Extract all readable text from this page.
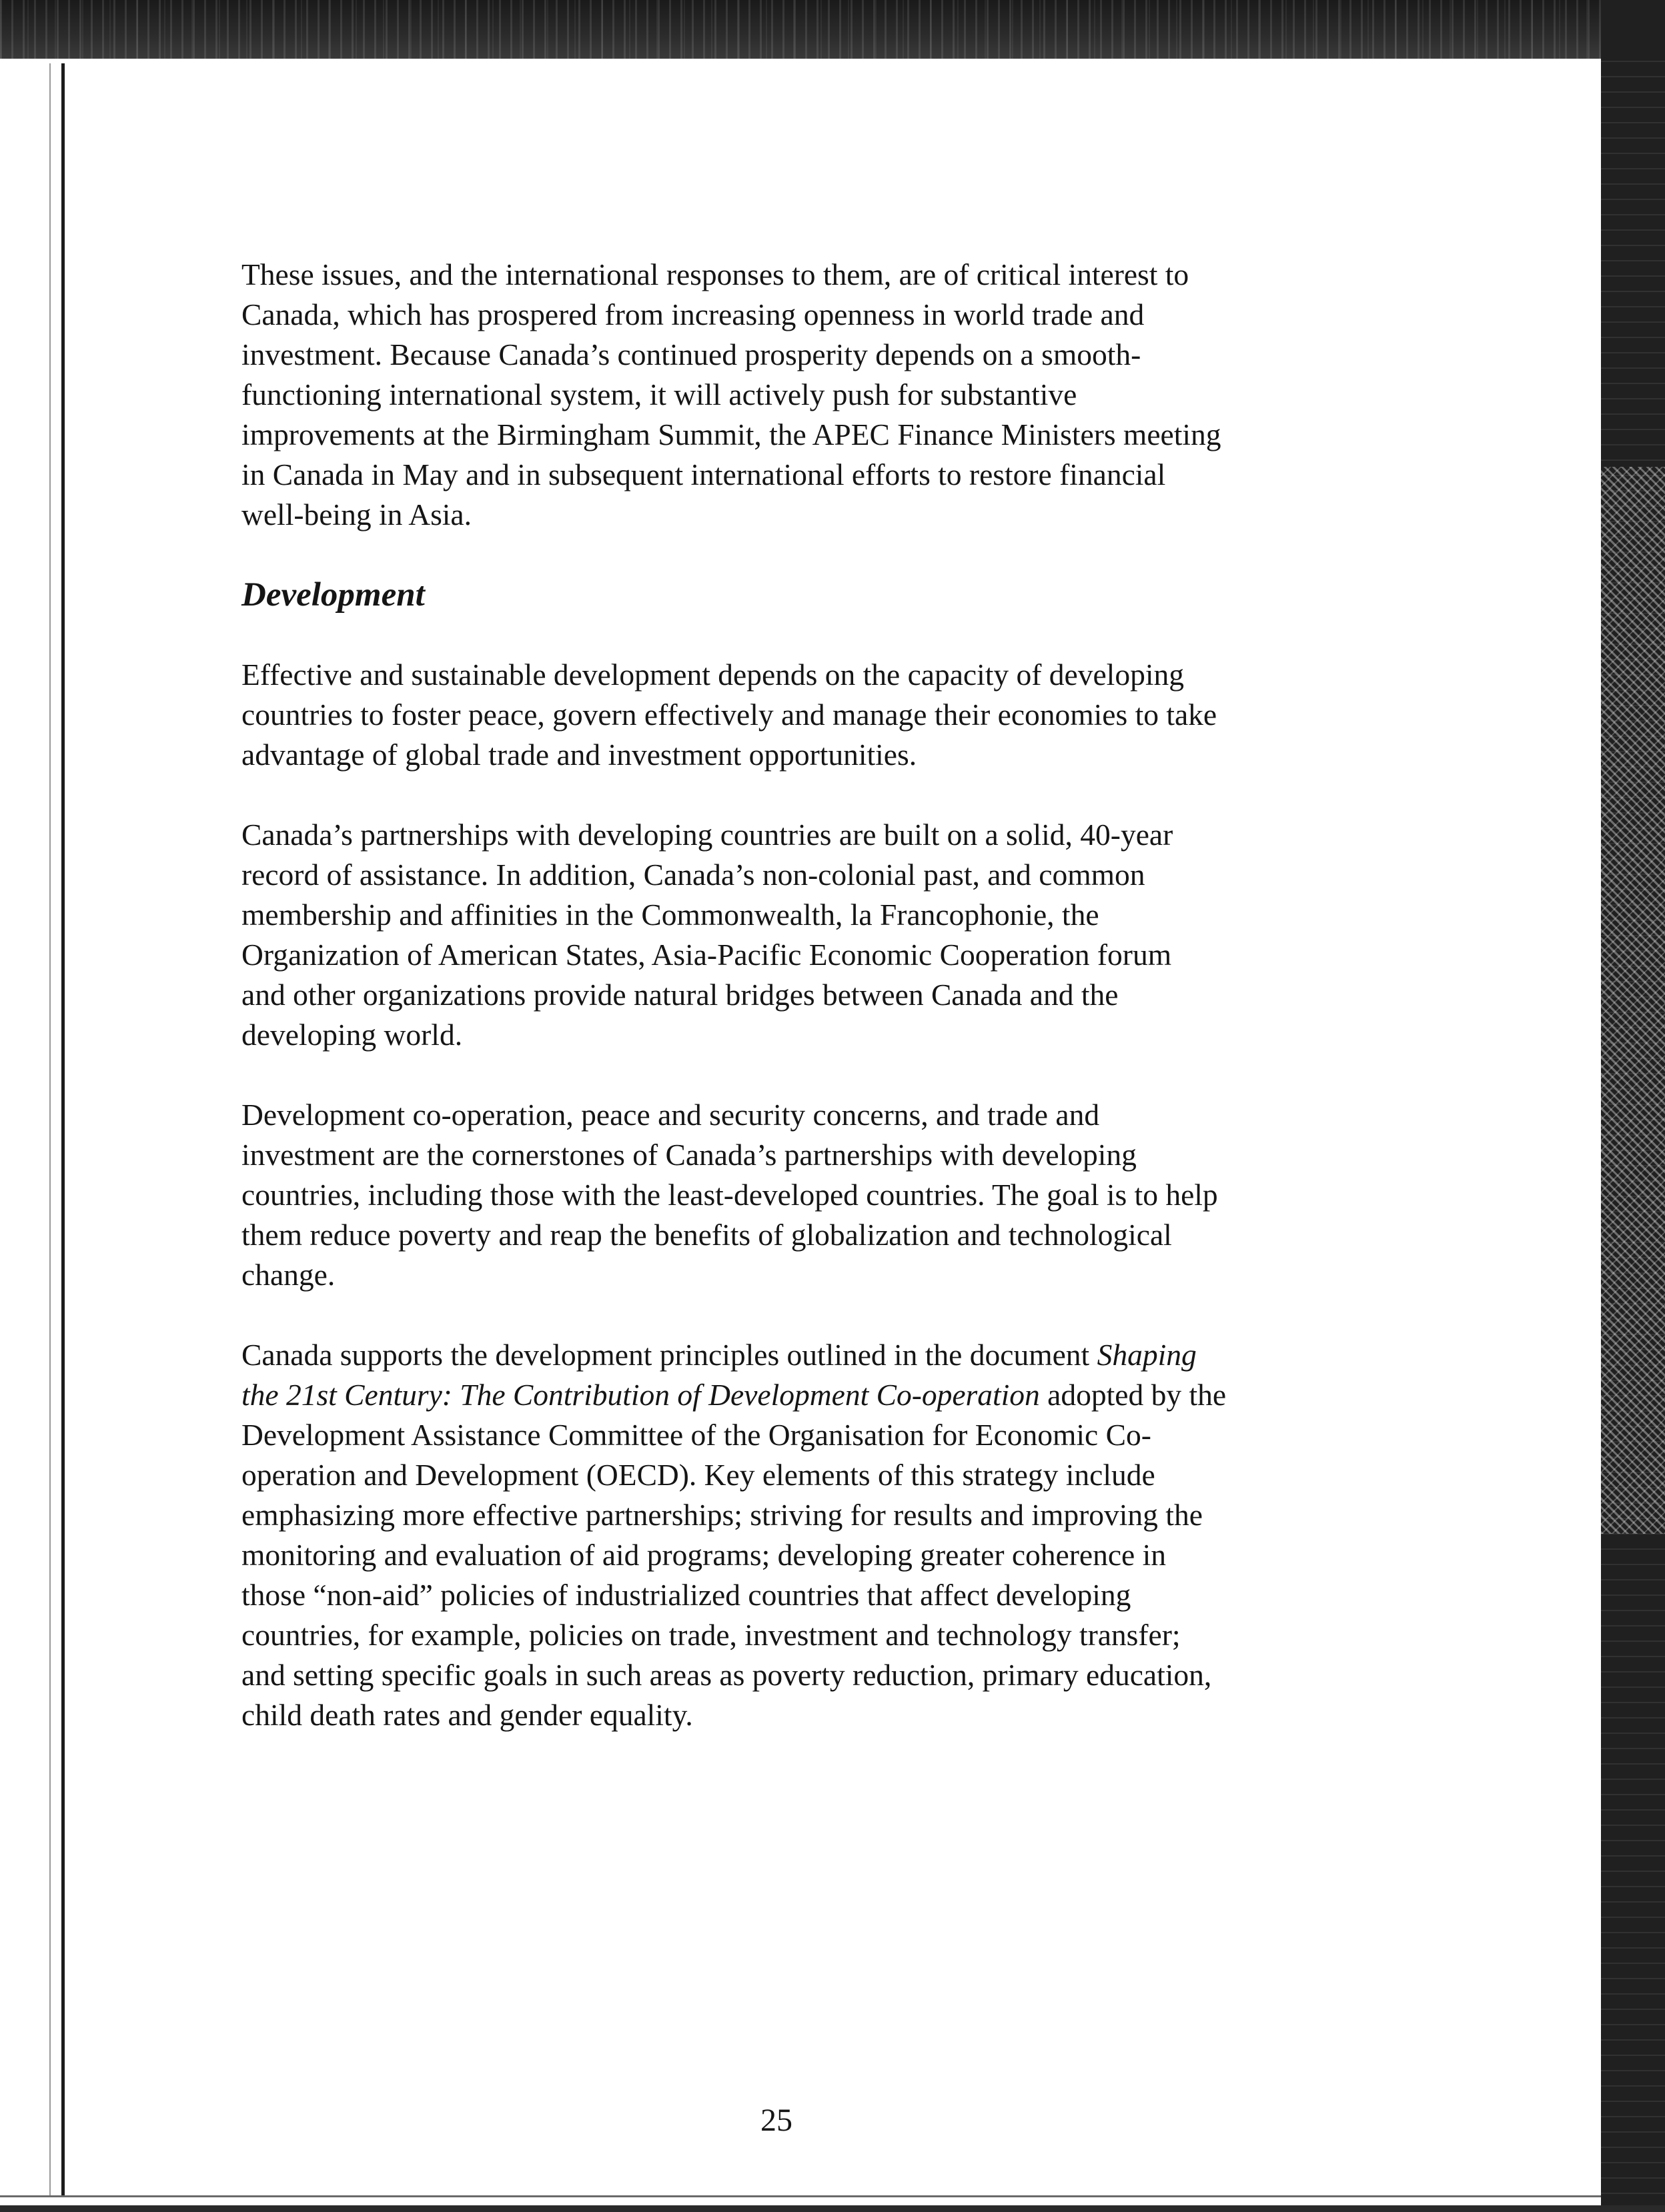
These issues, and the international responses to them, are of critical interest to
Canada, which has prospered from increasing openness in world trade and
investment. Because Canada’s continued prosperity depends on a smooth-
functioning international system, it will actively push for substantive
improvements at the Birmingham Summit, the APEC Finance Ministers meeting
in Canada in May and in subsequent international efforts to restore financial
well-being in Asia.

Development

Effective and sustainable development depends on the capacity of developing
countries to foster peace, govern effectively and manage their economies to take
advantage of global trade and investment opportunities.

Canada’s partnerships with developing countries are built on a solid, 40-year
record of assistance. In addition, Canada’s non-colonial past, and common
membership and affinities in the Commonwealth, la Francophonie, the
Organization of American States, Asia-Pacific Economic Cooperation forum
and other organizations provide natural bridges between Canada and the
developing world.

Development co-operation, peace and security concerns, and trade and
investment are the cornerstones of Canada’s partnerships with developing
countries, including those with the least-developed countries. The goal is to help
them reduce poverty and reap the benefits of globalization and technological
change.

Canada supports the development principles outlined in the document Shaping
the 21st Century: The Contribution of Development Co-operation adopted by the
Development Assistance Committee of the Organisation for Economic Co-
operation and Development (OECD). Key elements of this strategy include
emphasizing more effective partnerships; striving for results and improving the
monitoring and evaluation of aid programs; developing greater coherence in
those “non-aid” policies of industrialized countries that affect developing
countries, for example, policies on trade, investment and technology transfer;
and setting specific goals in such areas as poverty reduction, primary education,
child death rates and gender equality.

25
